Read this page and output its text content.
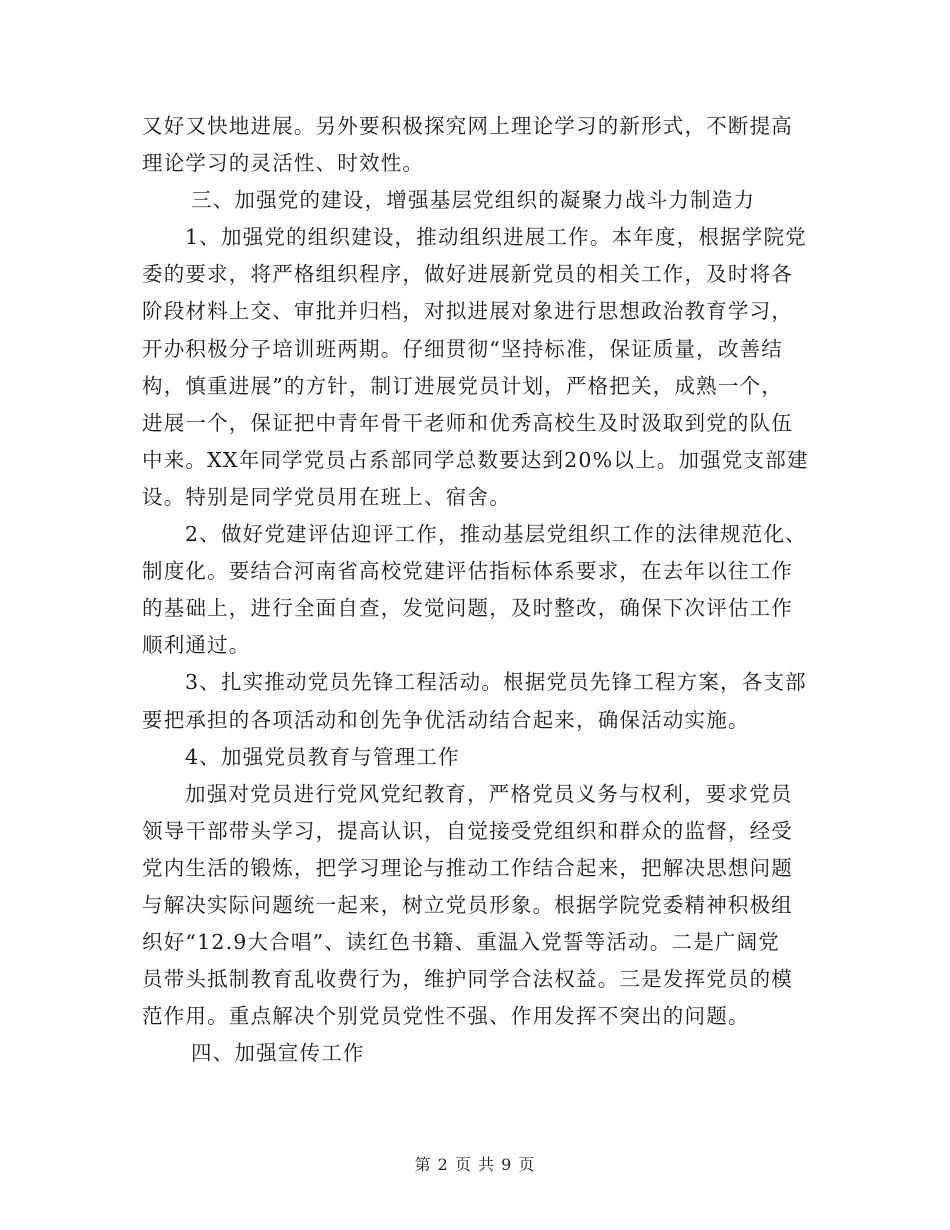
又好又快地进展。另外要积极探究网上理论学习的新形式，不断提高
理论学习的灵活性、时效性。
三、加强党的建设，增强基层党组织的凝聚力战斗力制造力
1、加强党的组织建设，推动组织进展工作。本年度，根据学院党
委的要求，将严格组织程序，做好进展新党员的相关工作，及时将各
阶段材料上交、审批并归档，对拟进展对象进行思想政治教育学习，
开办积极分子培训班两期。仔细贯彻“坚持标准，保证质量，改善结
构，慎重进展”的方针，制订进展党员计划，严格把关，成熟一个，
进展一个，保证把中青年骨干老师和优秀高校生及时汲取到党的队伍
中来。XX年同学党员占系部同学总数要达到20%以上。加强党支部建
设。特别是同学党员用在班上、宿舍。
2、做好党建评估迎评工作，推动基层党组织工作的法律规范化、
制度化。要结合河南省高校党建评估指标体系要求，在去年以往工作
的基础上，进行全面自查，发觉问题，及时整改，确保下次评估工作
顺利通过。
3、扎实推动党员先锋工程活动。根据党员先锋工程方案，各支部
要把承担的各项活动和创先争优活动结合起来，确保活动实施。
4、加强党员教育与管理工作
加强对党员进行党风党纪教育，严格党员义务与权利，要求党员
领导干部带头学习，提高认识，自觉接受党组织和群众的监督，经受
党内生活的锻炼，把学习理论与推动工作结合起来，把解决思想问题
与解决实际问题统一起来，树立党员形象。根据学院党委精神积极组
织好“12.9大合唱”、读红色书籍、重温入党誓等活动。二是广阔党
员带头抵制教育乱收费行为，维护同学合法权益。三是发挥党员的模
范作用。重点解决个别党员党性不强、作用发挥不突出的问题。
四、加强宣传工作
第 2 页 共 9 页
